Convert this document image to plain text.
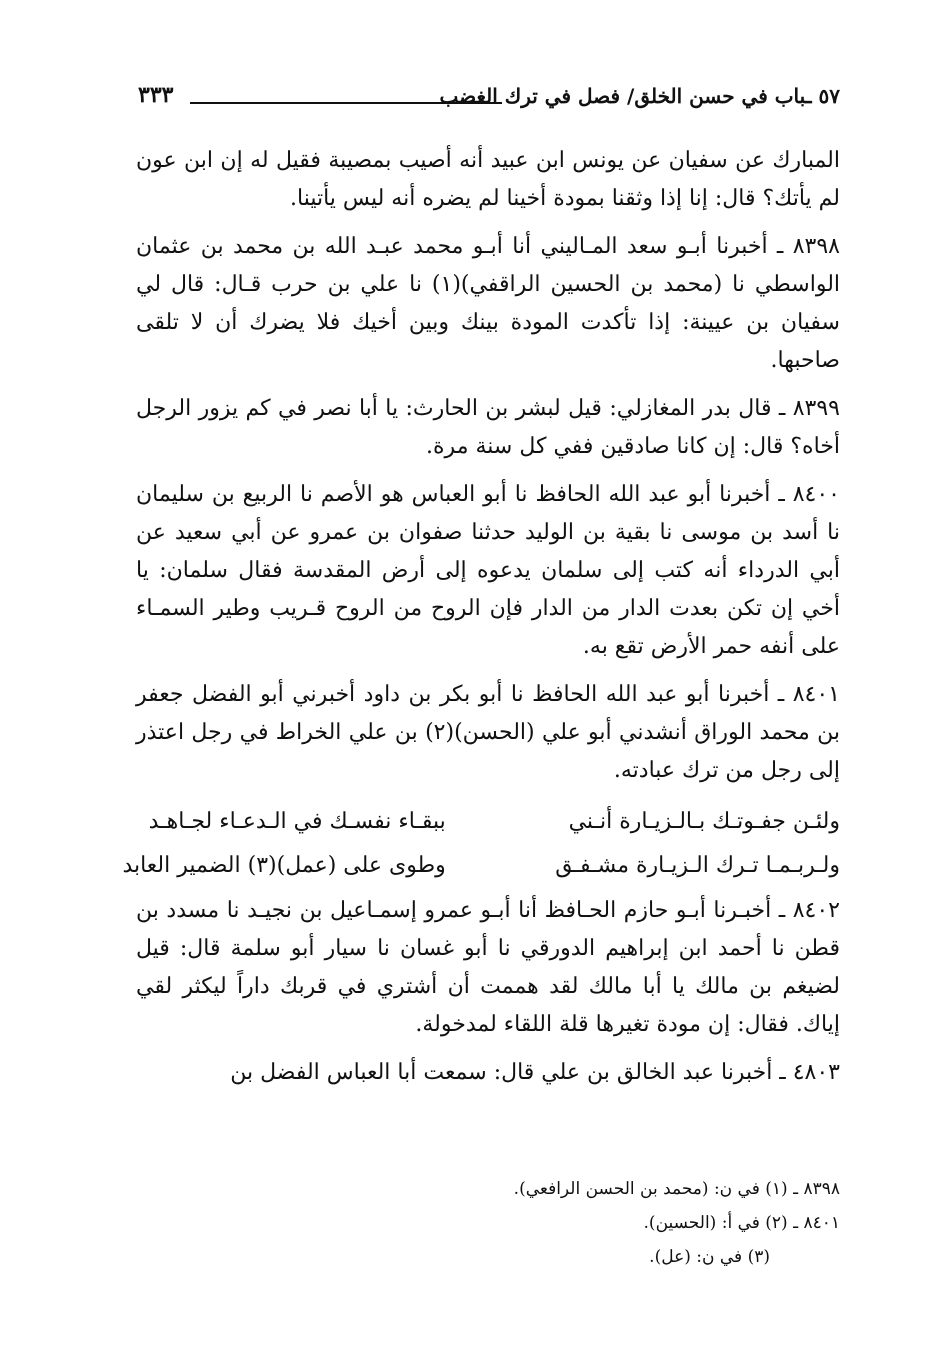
٥٧ ـباب في حسن الخلق/ فصل في ترك الغضب
٣٣٣

المبارك عن سفيان عن يونس ابن عبيد أنه أصيب بمصيبة فقيل له إن ابن عون لم يأتك؟ قال: إنا إذا وثقنا بمودة أخينا لم يضره أنه ليس يأتينا.

٨٣٩٨ ـ أخبرنا أبـو سعد المـاليني أنا أبـو محمد عبـد الله بن محمد بن عثمان الواسطي نا (محمد بن الحسين الراقفي)(١) نا علي بن حرب قـال: قال لي سفيان بن عيينة: إذا تأكدت المودة بينك وبين أخيك فلا يضرك أن لا تلقى صاحبها.

٨٣٩٩ ـ قال بدر المغازلي: قيل لبشر بن الحارث: يا أبا نصر في كم يزور الرجل أخاه؟ قال: إن كانا صادقين ففي كل سنة مرة.

٨٤٠٠ ـ أخبرنا أبو عبد الله الحافظ نا أبو العباس هو الأصم نا الربيع بن سليمان نا أسد بن موسى نا بقية بن الوليد حدثنا صفوان بن عمرو عن أبي سعيد عن أبي الدرداء أنه كتب إلى سلمان يدعوه إلى أرض المقدسة فقال سلمان: يا أخي إن تكن بعدت الدار من الدار فإن الروح من الروح قـريب وطير السمـاء على أنفه حمر الأرض تقع به.

٨٤٠١ ـ أخبرنا أبو عبد الله الحافظ نا أبو بكر بن داود أخبرني أبو الفضل جعفر بن محمد الوراق أنشدني أبو علي (الحسن)(٢) بن علي الخراط في رجل اعتذر إلى رجل من ترك عبادته.

ولئـن جفـوتـك بـالـزيـارة أنـني
ببقـاء نفسـك في الـدعـاء لجـاهـد
ولـربـمـا تـرك الـزيـارة مشـفـق
وطوى على (عمل)(٣) الضمير العابد

٨٤٠٢ ـ أخبـرنا أبـو حازم الحـافظ أنا أبـو عمرو إسمـاعيل بن نجيـد نا مسدد بن قطن نا أحمد ابن إبراهيم الدورقي نا أبو غسان نا سيار أبو سلمة قال: قيل لضيغم بن مالك يا أبا مالك لقد هممت أن أشتري في قربك داراً ليكثر لقي إياك. فقال: إن مودة تغيرها قلة اللقاء لمدخولة.

٤٨٠٣ ـ أخبرنا عبد الخالق بن علي قال: سمعت أبا العباس الفضل بن

٨٣٩٨ ـ (١) في ن: (محمد بن الحسن الرافعي).
٨٤٠١ ـ (٢) في أ: (الحسين).
(٣) في ن: (عل).
